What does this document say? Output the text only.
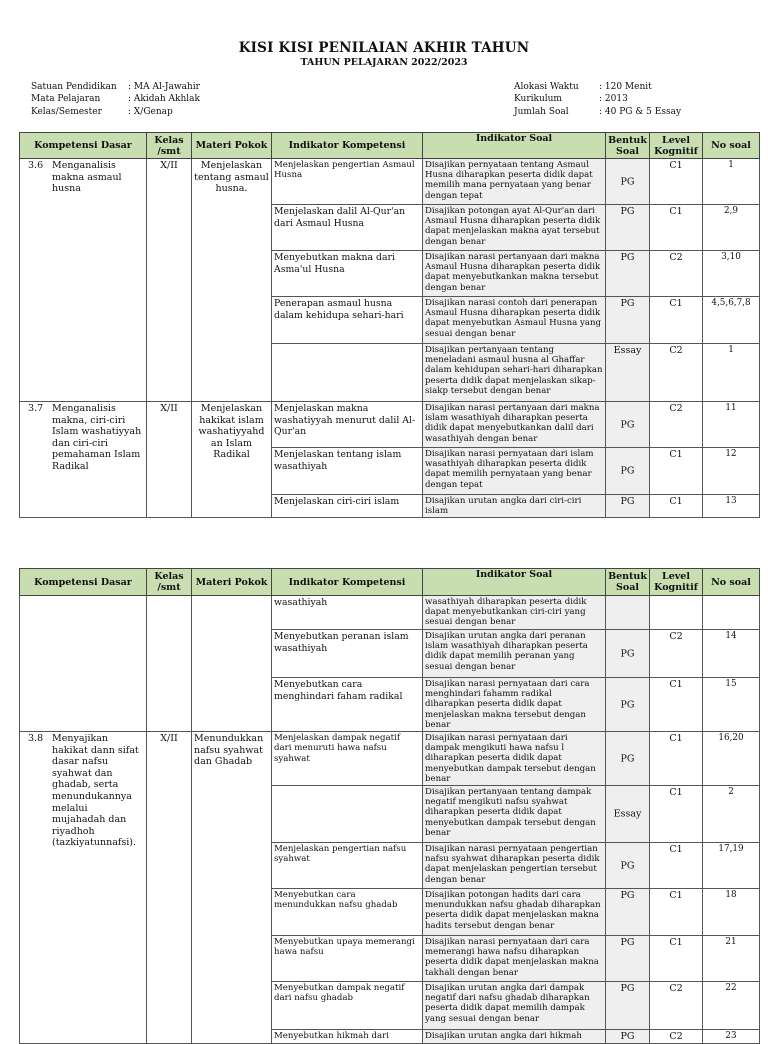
KISI KISI PENILAIAN AKHIR TAHUN
TAHUN PELAJARAN 2022/2023
Satuan Pendidikan	: MA Al-Jawahir
Mata Pelajaran	: Akidah Akhlak
Kelas/Semester	: X/Genap
Alokasi Waktu	: 120 Menit
Kurikulum	: 2013
Jumlah Soal	: 40 PG & 5 Essay
Kompetensi Dasar	Kelas /smt	Materi Pokok	Indikator Kompetensi	Indikator Soal	Bentuk Soal	Level Kognitif	No soal

3.6 Menganalisis makna asmaul husna	X/II	Menjelaskan tentang asmaul husna.	Menjelaskan pengertian Asmaul Husna	Disajikan pernyataan tentang Asmaul Husna diharapkan peserta didik dapat memilih mana pernyataan yang benar dengan tepat	PG	C1	1
			Menjelaskan dalil Al-Qur'an dari Asmaul Husna	Disajikan potongan ayat Al-Qur'an dari Asmaul Husna diharapkan peserta didik dapat menjelaskan makna ayat tersebut dengan benar	PG	C1	2,9
			Menyebutkan makna dari Asma'ul Husna	Disajikan narasi pertanyaan dari makna Asmaul Husna diharapkan peserta didik dapat menyebutkankan makna tersebut dengan benar	PG	C2	3,10
			Penerapan asmaul husna dalam kehidupa sehari-hari	Disajikan narasi contoh dari penerapan Asmaul Husna diharapkan peserta didik dapat menyebutkan Asmaul Husna yang sesuai dengan benar	PG	C1	4,5,6,7,8
				Disajikan pertanyaan tentang meneladani asmaul husna al Ghaffar dalam kehidupan sehari-hari diharapkan peserta didik dapat menjelaskan sikap-siakp tersebut dengan benar	Essay	C2	1

3.7 Menganalisis makna, ciri-ciri Islam washatiyyah dan ciri-ciri pemahaman Islam Radikal	X/II	Menjelaskan hakikat islam washatiyyahd an Islam Radikal	Menjelaskan makna washatiyyah menurut dalil Al-Qur'an	Disajikan narasi pertanyaan dari makna islam wasathiyah diharapkan peserta didik dapat menyebutkankan dalil dari wasathiyah dengan benar	PG	C2	11
			Menjelaskan tentang islam wasathiyah	Disajikan narasi pernyataan dari islam wasathiyah diharapkan peserta didik dapat memilih pernyataan yang benar dengan tepat	PG	C1	12
			Menjelaskan ciri-ciri islam	Disajikan urutan angka dari ciri-ciri islam	PG	C1	13
Kompetensi Dasar	Kelas /smt	Materi Pokok	Indikator Kompetensi	Indikator Soal	Bentuk Soal	Level Kognitif	No soal

			wasathiyah	wasathiyah diharapkan peserta didik dapat menyebutkankan ciri-ciri yang sesuai dengan benar	

			Menyebutkan peranan islam wasathiyah	Disajikan urutan angka dari peranan islam wasathiyah diharapkan peserta didik dapat memilih peranan yang sesuai dengan benar	PG	C2	14
			Menyebutkan cara menghindari faham radikal	Disajikan narasi pernyataan dari cara menghindari fahamm radikal diharapkan peserta didik dapat menjelaskan makna tersebut dengan benar	PG	C1	15

3.8 Menyajikan hakikat dann sifat dasar nafsu syahwat dan ghadab, serta menundukannya melalui mujahadah dan riyadhoh (tazkiyatunnafsi).	X/II	Menundukkan nafsu syahwat dan Ghadab	Menjelaskan dampak negatif dari menuruti hawa nafsu syahwat	Disajikan narasi pernyataan dari dampak mengikuti hawa nafsu l diharapkan peserta didik dapat menyebutkan dampak tersebut dengan benar	PG	C1	16,20
				Disajikan pertanyaan tentang dampak negatif mengikuti nafsu syahwat diharapkan peserta didik dapat menyebutkan dampak tersebut dengan benar	Essay	C1	2
			Menjelaskan pengertian nafsu syahwat	Disajikan narasi pernyataan pengertian nafsu syahwat diharapkan peserta didik dapat menjelaskan pengertian tersebut dengan benar	PG	C1	17,19
			Menyebutkan cara menundukkan nafsu ghadab	Disajikan potongan hadits dari cara menundukkan nafsu ghadab diharapkan peserta didik dapat menjelaskan makna hadits tersebut dengan benar	PG	C1	18
			Menyebutkan upaya memerangi hawa nafsu	Disajikan narasi pernyataan dari cara memerangi hawa nafsu diharapkan peserta didik dapat menjelaskan makna takhali dengan benar	PG	C1	21
			Menyebutkan dampak negatif dari nafsu ghadab	Disajikan urutan angka dari dampak negatif dari nafsu ghadab diharapkan peserta didik dapat memilih dampak yang sesuai dengan benar	PG	C2	22
			Menyebutkan hikmah dari	Disajikan urutan angka dari hikmah	PG	C2	23
